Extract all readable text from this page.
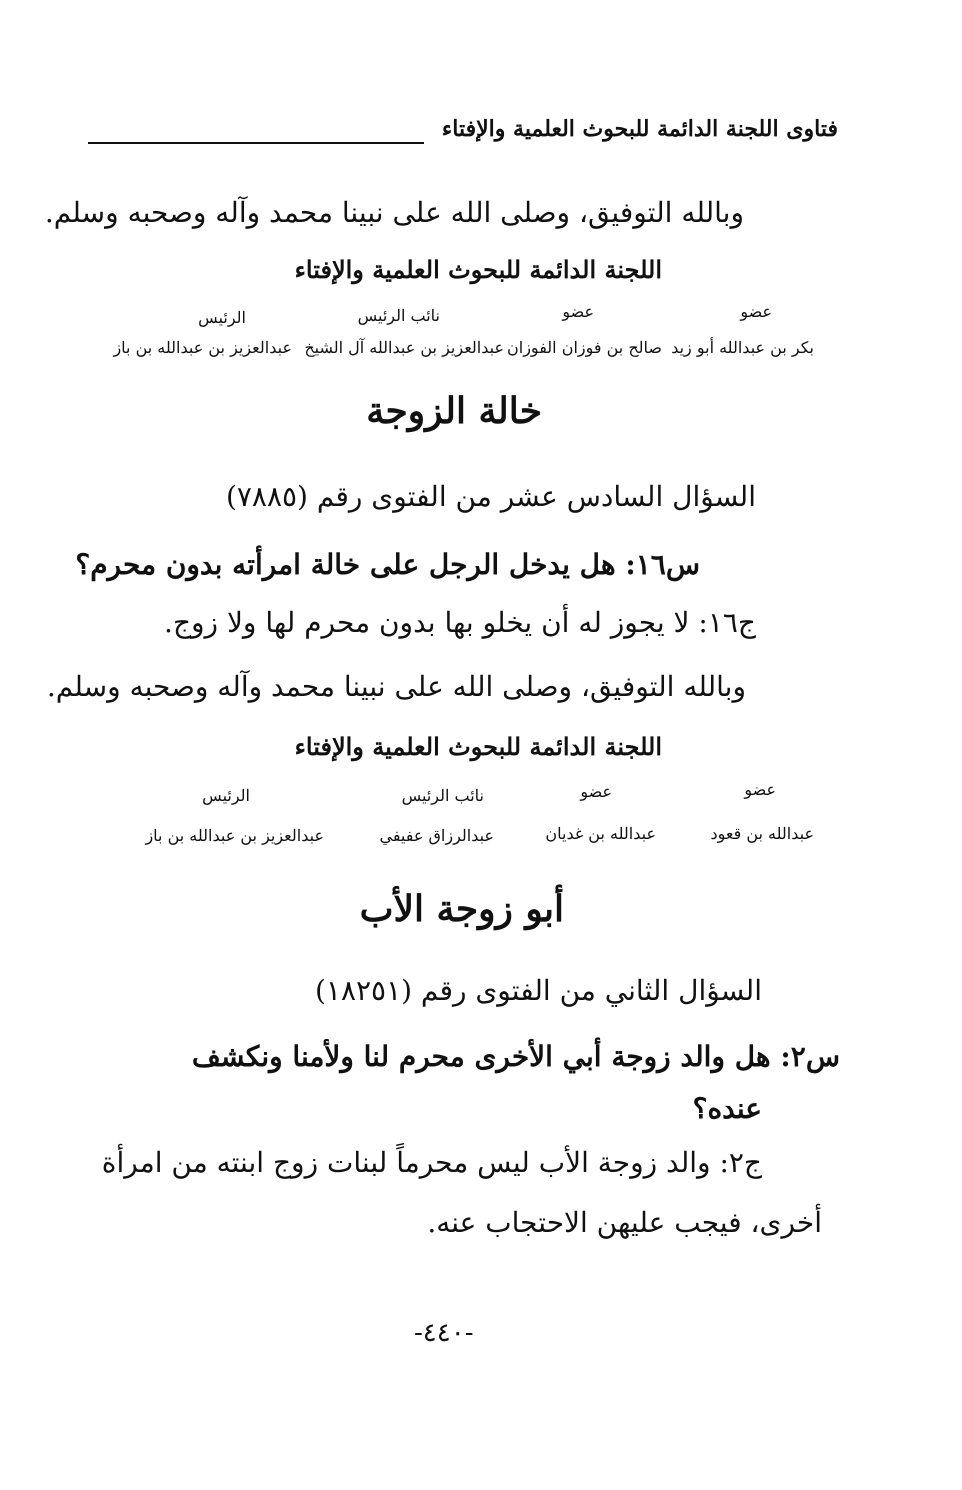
فتاوى اللجنة الدائمة للبحوث العلمية والإفتاء
وبالله التوفيق، وصلى الله على نبينا محمد وآله وصحبه وسلم.
اللجنة الدائمة للبحوث العلمية والإفتاء
عضو
عضو
نائب الرئيس
الرئيس
بكر بن عبدالله أبو زيد
صالح بن فوزان الفوزان
عبدالعزيز بن عبدالله آل الشيخ
عبدالعزيز بن عبدالله بن باز
خالة الزوجة
السؤال السادس عشر من الفتوى رقم (٧٨٨٥)
س١٦: هل يدخل الرجل على خالة امرأته بدون محرم؟
ج١٦: لا يجوز له أن يخلو بها بدون محرم لها ولا زوج.
وبالله التوفيق، وصلى الله على نبينا محمد وآله وصحبه وسلم.
اللجنة الدائمة للبحوث العلمية والإفتاء
عضو
عضو
نائب الرئيس
الرئيس
عبدالله بن قعود
عبدالله بن غديان
عبدالرزاق عفيفي
عبدالعزيز بن عبدالله بن باز
أبو زوجة الأب
السؤال الثاني من الفتوى رقم (١٨٢٥١)
س٢: هل والد زوجة أبي الأخرى محرم لنا ولأمنا ونكشف
عنده؟
ج٢: والد زوجة الأب ليس محرماً لبنات زوج ابنته من امرأة
أخرى، فيجب عليهن الاحتجاب عنه.
-٤٤٠-
